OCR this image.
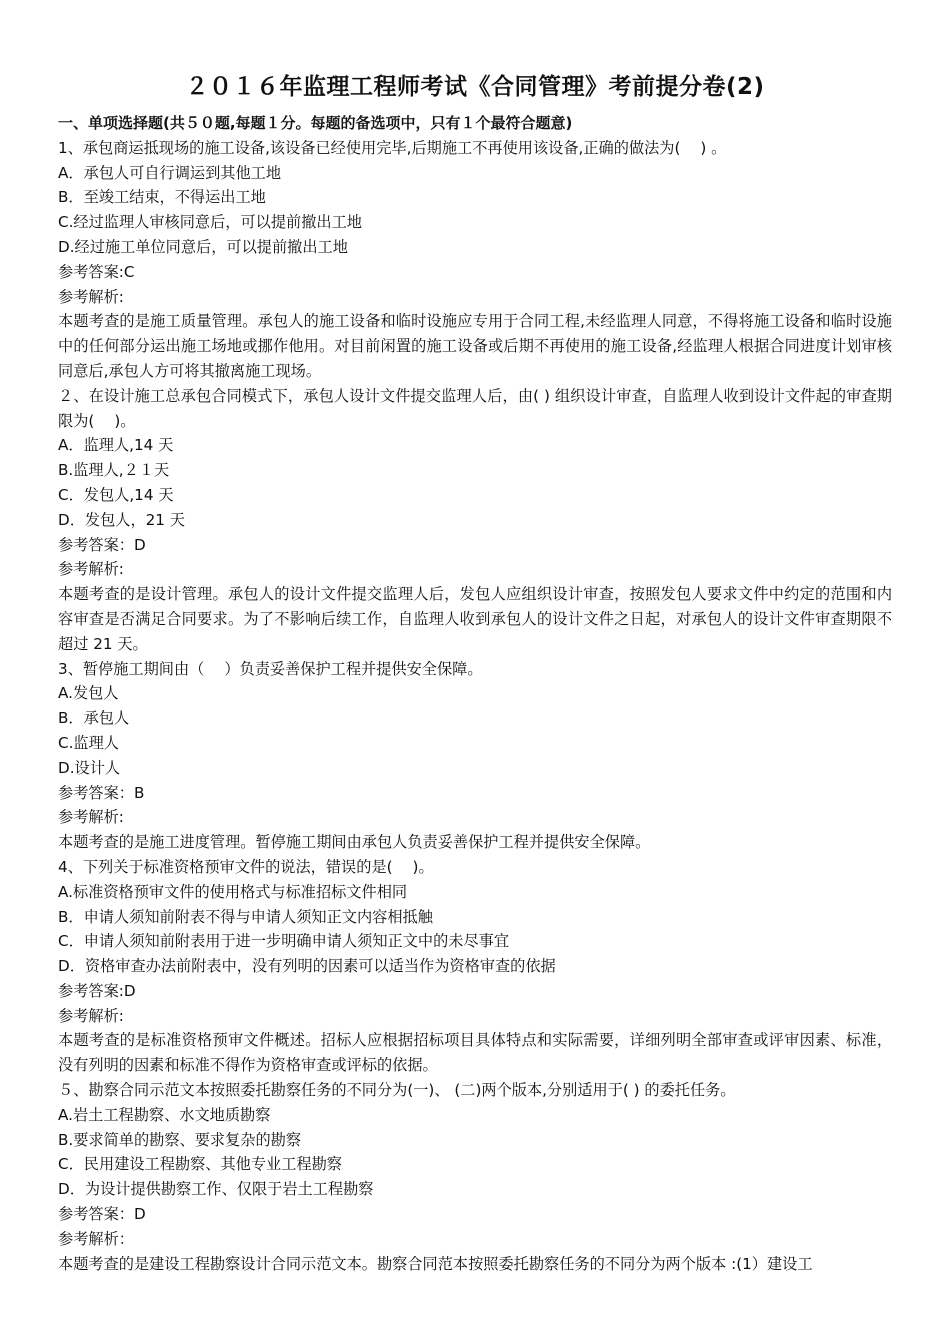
２０１６年监理工程师考试《合同管理》考前提分卷(2)

一、单项选择题(共５０题,每题１分。每题的备选项中，只有１个最符合题意)

1、承包商运抵现场的施工设备,该设备已经使用完毕,后期施工不再使用该设备,正确的做法为(　 ) 。

A．承包人可自行调运到其他工地

B．至竣工结束，不得运出工地

C.经过监理人审核同意后，可以提前撤出工地

D.经过施工单位同意后，可以提前撤出工地

参考答案:C

参考解析:

本题考查的是施工质量管理。承包人的施工设备和临时设施应专用于合同工程,未经监理人同意，不得将施工设备和临时设施中的任何部分运出施工场地或挪作他用。对目前闲置的施工设备或后期不再使用的施工设备,经监理人根据合同进度计划审核同意后,承包人方可将其撤离施工现场。

２、在设计施工总承包合同模式下，承包人设计文件提交监理人后，由( ) 组织设计审查，自监理人收到设计文件起的审查期限为(　 )。

A．监理人,14 天

B.监理人,２１天

C．发包人,14 天

D．发包人，21 天

参考答案：D

参考解析:

本题考查的是设计管理。承包人的设计文件提交监理人后，发包人应组织设计审查，按照发包人要求文件中约定的范围和内容审查是否满足合同要求。为了不影响后续工作，自监理人收到承包人的设计文件之日起，对承包人的设计文件审查期限不超过 21 天。

3、暂停施工期间由（　 ）负责妥善保护工程并提供安全保障。

A.发包人

B．承包人

C.监理人

D.设计人

参考答案：B

参考解析:

本题考查的是施工进度管理。暂停施工期间由承包人负责妥善保护工程并提供安全保障。

4、下列关于标准资格预审文件的说法，错误的是(　 )。

A.标准资格预审文件的使用格式与标准招标文件相同

B．申请人须知前附表不得与申请人须知正文内容相抵触

C．申请人须知前附表用于进一步明确申请人须知正文中的未尽事宜

D．资格审查办法前附表中，没有列明的因素可以适当作为资格审查的依据

参考答案:D

参考解析:

本题考查的是标准资格预审文件概述。招标人应根据招标项目具体特点和实际需要，详细列明全部审查或评审因素、标准，没有列明的因素和标准不得作为资格审查或评标的依据。

５、勘察合同示范文本按照委托勘察任务的不同分为(一)、 (二)两个版本,分别适用于( ) 的委托任务。

A.岩土工程勘察、水文地质勘察

B.要求简单的勘察、要求复杂的勘察

C．民用建设工程勘察、其他专业工程勘察

D．为设计提供勘察工作、仅限于岩土工程勘察

参考答案：D

参考解析：

本题考查的是建设工程勘察设计合同示范文本。勘察合同范本按照委托勘察任务的不同分为两个版本 :(1）建设工
